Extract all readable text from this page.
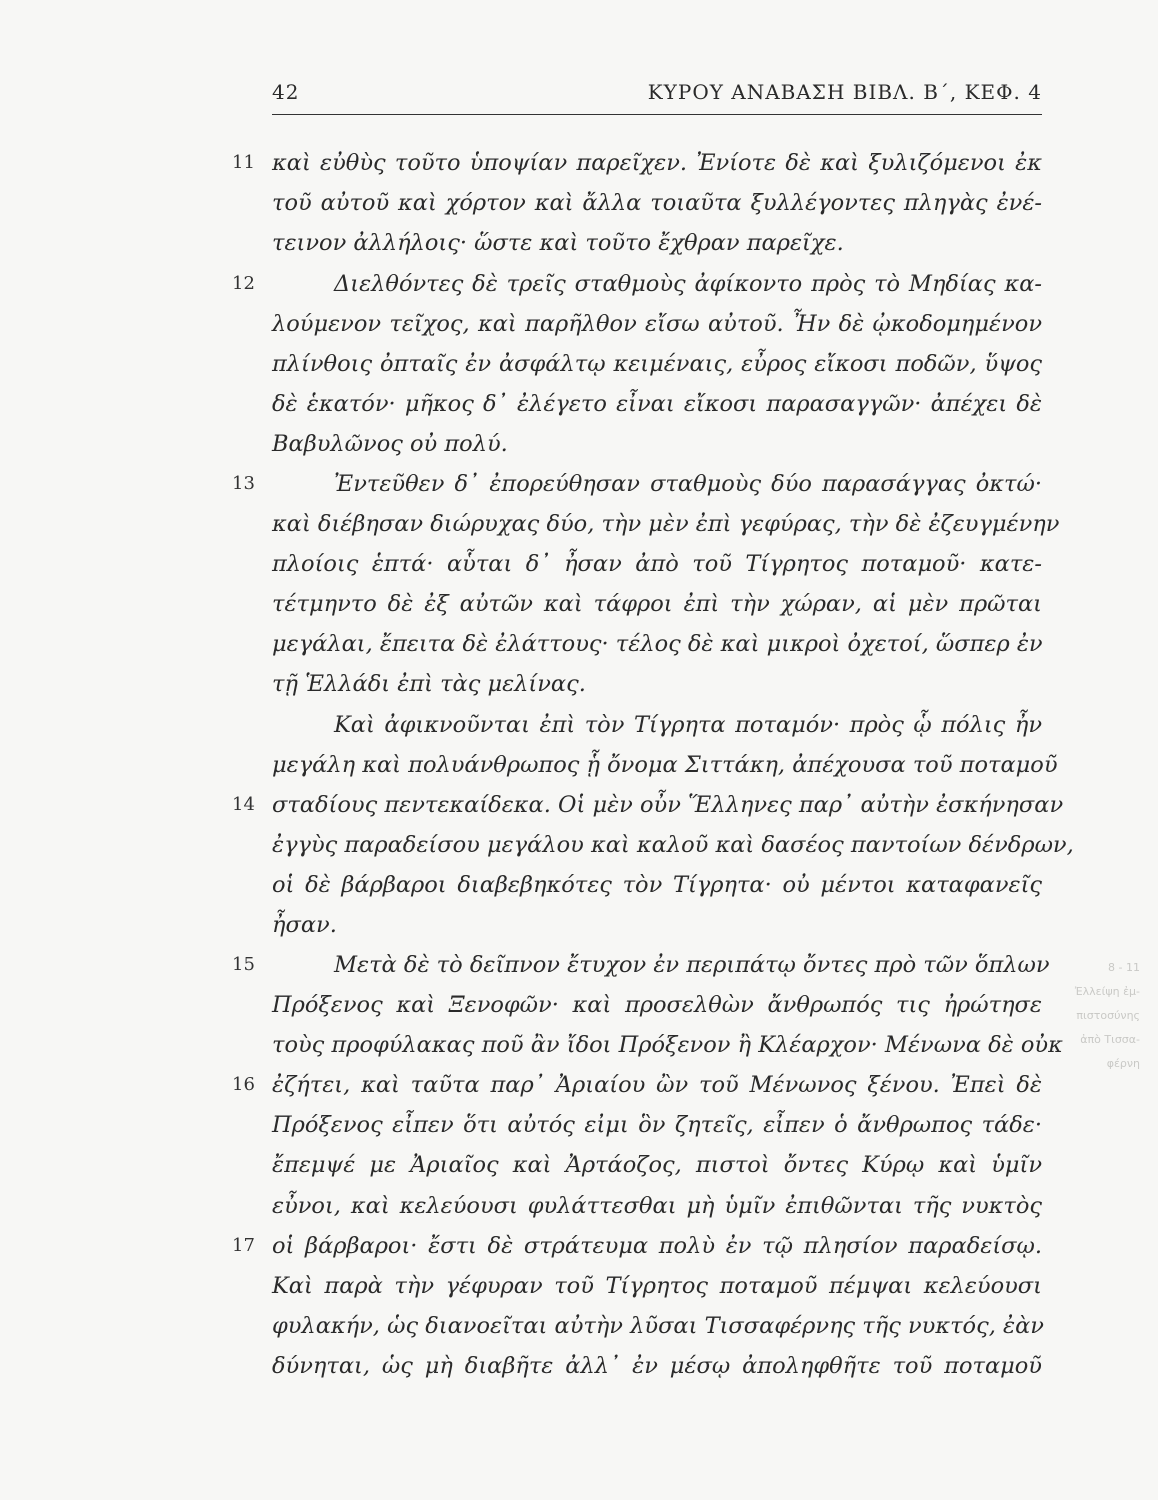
42	ΚΥΡΟΥ ΑΝΑΒΑΣΗ ΒΙΒΛ. Β΄, ΚΕΦ. 4
8 - 11
Ἐλλείψη ἐμ-
πιστοσύνης
ἀπὸ Τισσα-
φέρνη
11
12
13
14
15
16
17
καὶ εὐθὺς τοῦτο ὑποψίαν παρεῖχεν. Ἐνίοτε δὲ καὶ ξυλιζόμενοι ἐκ
τοῦ αὐτοῦ καὶ χόρτον καὶ ἄλλα τοιαῦτα ξυλλέγοντες πληγὰς ἐνέ-
τεινον ἀλλήλοις· ὥστε καὶ τοῦτο ἔχθραν παρεῖχε.
Διελθόντες δὲ τρεῖς σταθμοὺς ἀφίκοντο πρὸς τὸ Μηδίας κα-
λούμενον τεῖχος, καὶ παρῆλθον εἴσω αὐτοῦ. Ἦν δὲ ᾠκοδομημένον
πλίνθοις ὀπταῖς ἐν ἀσφάλτῳ κειμέναις, εὖρος εἴκοσι ποδῶν, ὕψος
δὲ ἑκατόν· μῆκος δ᾽ ἐλέγετο εἶναι εἴκοσι παρασαγγῶν· ἀπέχει δὲ
Βαβυλῶνος οὐ πολύ.
Ἐντεῦθεν δ᾽ ἐπορεύθησαν σταθμοὺς δύο παρασάγγας ὀκτώ·
καὶ διέβησαν διώρυχας δύο, τὴν μὲν ἐπὶ γεφύρας, τὴν δὲ ἐζευγμένην
πλοίοις ἑπτά· αὗται δ᾽ ἦσαν ἀπὸ τοῦ Τίγρητος ποταμοῦ· κατε-
τέτμηντο δὲ ἐξ αὐτῶν καὶ τάφροι ἐπὶ τὴν χώραν, αἱ μὲν πρῶται
μεγάλαι, ἔπειτα δὲ ἐλάττους· τέλος δὲ καὶ μικροὶ ὀχετοί, ὥσπερ ἐν
τῇ Ἑλλάδι ἐπὶ τὰς μελίνας.
Καὶ ἀφικνοῦνται ἐπὶ τὸν Τίγρητα ποταμόν· πρὸς ᾧ πόλις ἦν
μεγάλη καὶ πολυάνθρωπος ᾗ ὄνομα Σιττάκη, ἀπέχουσα τοῦ ποταμοῦ
σταδίους πεντεκαίδεκα. Οἱ μὲν οὖν Ἕλληνες παρ᾽ αὐτὴν ἐσκήνησαν
ἐγγὺς παραδείσου μεγάλου καὶ καλοῦ καὶ δασέος παντοίων δένδρων,
οἱ δὲ βάρβαροι διαβεβηκότες τὸν Τίγρητα· οὐ μέντοι καταφανεῖς
ἦσαν.
Μετὰ δὲ τὸ δεῖπνον ἔτυχον ἐν περιπάτῳ ὄντες πρὸ τῶν ὅπλων
Πρόξενος καὶ Ξενοφῶν· καὶ προσελθὼν ἄνθρωπός τις ἠρώτησε
τοὺς προφύλακας ποῦ ἂν ἴδοι Πρόξενον ἢ Κλέαρχον· Μένωνα δὲ οὐκ
ἐζήτει, καὶ ταῦτα παρ᾽ Ἀριαίου ὢν τοῦ Μένωνος ξένου. Ἐπεὶ δὲ
Πρόξενος εἶπεν ὅτι αὐτός εἰμι ὃν ζητεῖς, εἶπεν ὁ ἄνθρωπος τάδε·
ἔπεμψέ με Ἀριαῖος καὶ Ἀρτάοζος, πιστοὶ ὄντες Κύρῳ καὶ ὑμῖν
εὖνοι, καὶ κελεύουσι φυλάττεσθαι μὴ ὑμῖν ἐπιθῶνται τῆς νυκτὸς
οἱ βάρβαροι· ἔστι δὲ στράτευμα πολὺ ἐν τῷ πλησίον παραδείσῳ.
Καὶ παρὰ τὴν γέφυραν τοῦ Τίγρητος ποταμοῦ πέμψαι κελεύουσι
φυλακήν, ὡς διανοεῖται αὐτὴν λῦσαι Τισσαφέρνης τῆς νυκτός, ἐὰν
δύνηται, ὡς μὴ διαβῆτε ἀλλ᾽ ἐν μέσῳ ἀποληφθῆτε τοῦ ποταμοῦ
